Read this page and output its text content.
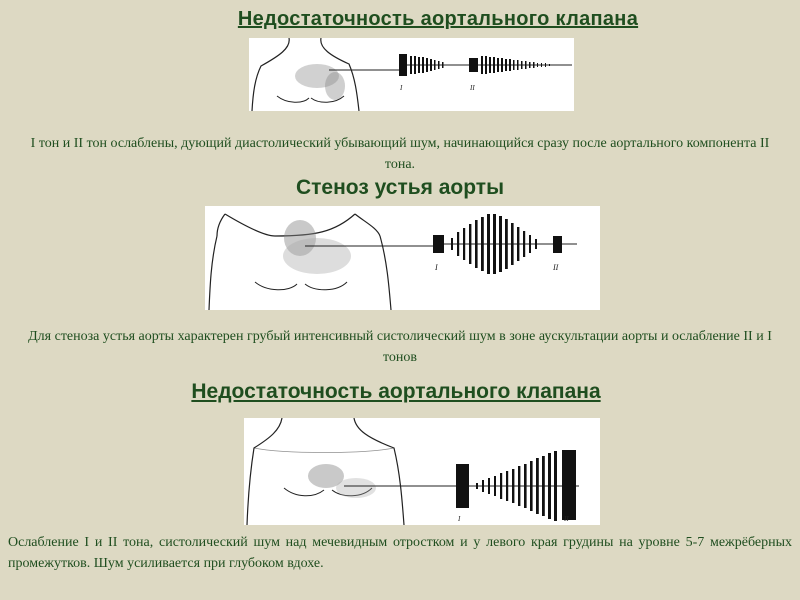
Недостаточность аортального клапана
I	II

I тон и II тон ослаблены, дующий диастолический убывающий шум, начинающийся сразу после аортального компонента II тона.

Стеноз устья аорты
I	II

Для стеноза устья аорты характерен грубый интенсивный систолический шум в зоне аускультации аорты и ослабление II и I тонов

Недостаточность аортального клапана
I	II

Ослабление I и II тона, систолический шум над мечевидным отростком и у левого края грудины на уровне 5-7 межрёберных промежутков. Шум усиливается при глубоком вдохе.
